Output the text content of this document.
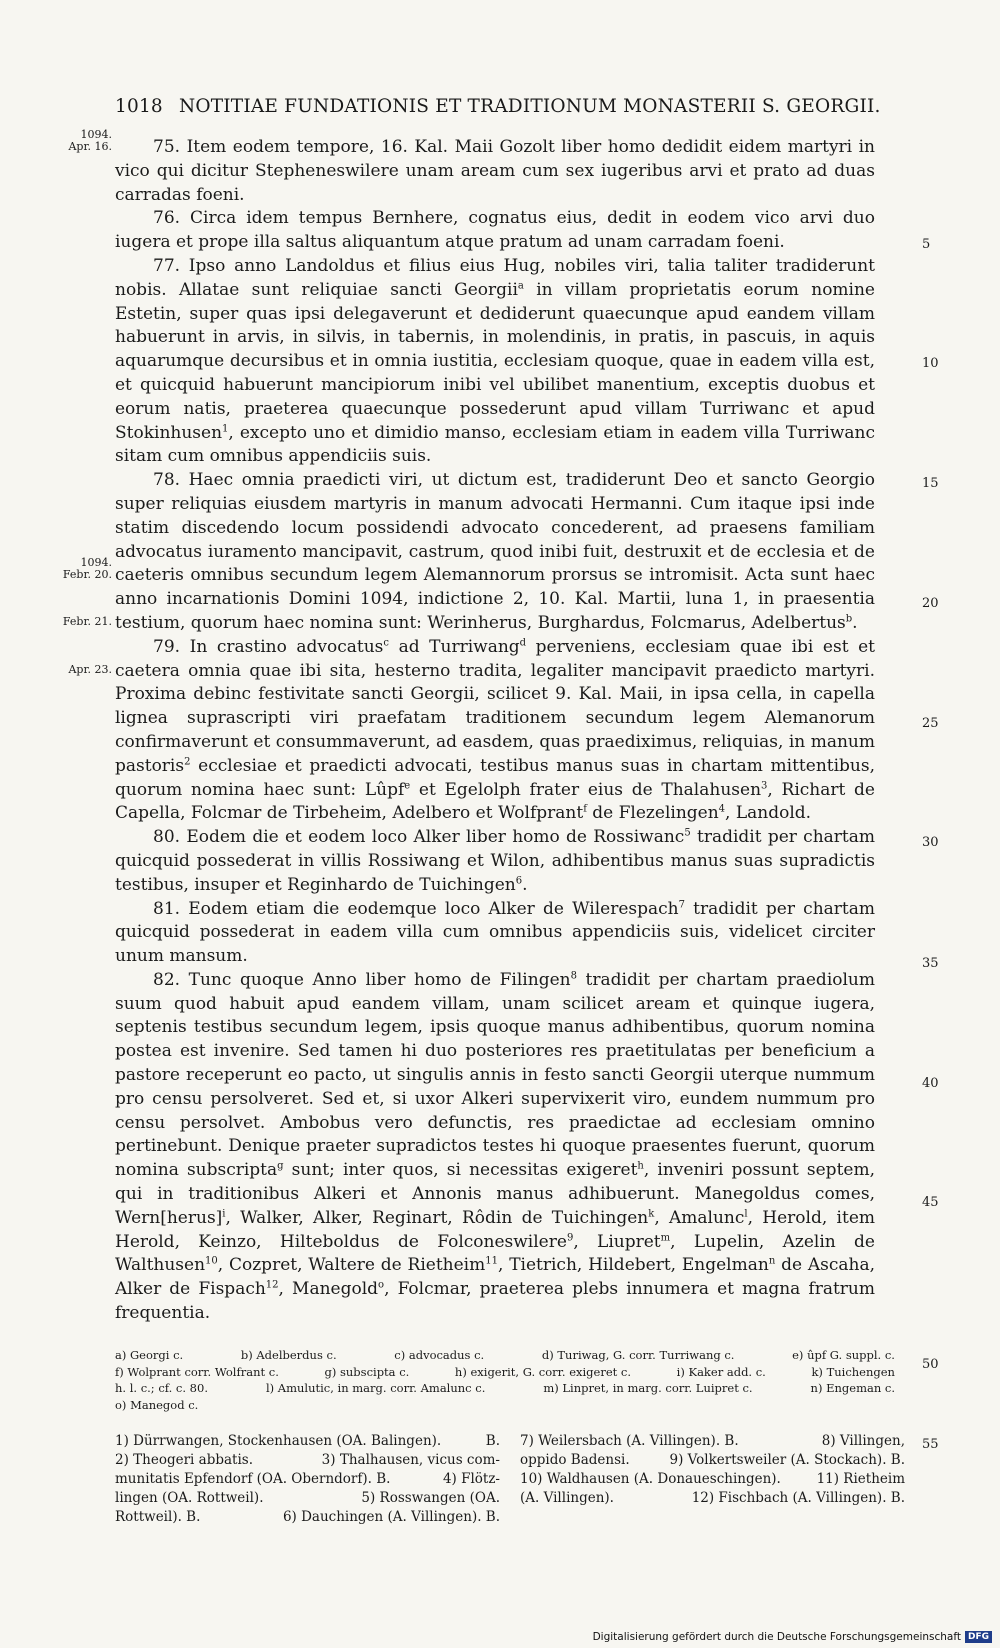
1018 NOTITIAE FUNDATIONIS ET TRADITIONUM MONASTERII S. GEORGII.
1094.
Apr. 16.
1094.
Febr. 20.
Febr. 21.
Apr. 23.
5
10
15
20
25
30
35
40
45
50
55

75. Item eodem tempore, 16. Kal. Maii Gozolt liber homo dedidit eidem martyri in vico qui dicitur Stepheneswilere unam aream cum sex iugeribus arvi et prato ad duas carradas foeni.

76. Circa idem tempus Bernhere, cognatus eius, dedit in eodem vico arvi duo iugera et prope illa saltus aliquantum atque pratum ad unam carradam foeni.

77. Ipso anno Landoldus et filius eius Hug, nobiles viri, talia taliter tradiderunt nobis. Allatae sunt reliquiae sancti Georgii$^a$ in villam proprietatis eorum nomine Estetin, super quas ipsi delegaverunt et dediderunt quaecunque apud eandem villam habuerunt in arvis, in silvis, in tabernis, in molendinis, in pratis, in pascuis, in aquis aquarumque decursibus et in omnia iustitia, ecclesiam quoque, quae in eadem villa est, et quicquid habuerunt mancipiorum inibi vel ubilibet manentium, exceptis duobus et eorum natis, praeterea quaecunque possederunt apud villam Turriwanc et apud Stokinhusen$^1$, excepto uno et dimidio manso, ecclesiam etiam in eadem villa Turriwanc sitam cum omnibus appendiciis suis.

78. Haec omnia praedicti viri, ut dictum est, tradiderunt Deo et sancto Georgio super reliquias eiusdem martyris in manum advocati Hermanni. Cum itaque ipsi inde statim discedendo locum possidendi advocato concederent, ad praesens familiam advocatus iuramento mancipavit, castrum, quod inibi fuit, destruxit et de ecclesia et de caeteris omnibus secundum legem Alemannorum prorsus se intromisit. Acta sunt haec anno incarnationis Domini 1094, indictione 2, 10. Kal. Martii, luna 1, in praesentia testium, quorum haec nomina sunt: Werinherus, Burghardus, Folcmarus, Adelbertus$^b$.

79. In crastino advocatus$^c$ ad Turriwang$^d$ perveniens, ecclesiam quae ibi est et caetera omnia quae ibi sita, hesterno tradita, legaliter mancipavit praedicto martyri. Proxima debinc festivitate sancti Georgii, scilicet 9. Kal. Maii, in ipsa cella, in capella lignea suprascripti viri praefatam traditionem secundum legem Alemanorum confirmaverunt et consummaverunt, ad easdem, quas praediximus, reliquias, in manum pastoris$^2$ ecclesiae et praedicti advocati, testibus manus suas in chartam mittentibus, quorum nomina haec sunt: Lûpf$^e$ et Egelolph frater eius de Thalahusen$^3$, Richart de Capella, Folcmar de Tirbeheim, Adelbero et Wolfprant$^f$ de Flezelingen$^4$, Landold.

80. Eodem die et eodem loco Alker liber homo de Rossiwanc$^5$ tradidit per chartam quicquid possederat in villis Rossiwang et Wilon, adhibentibus manus suas supradictis testibus, insuper et Reginhardo de Tuichingen$^6$.

81. Eodem etiam die eodemque loco Alker de Wilerespach$^7$ tradidit per chartam quicquid possederat in eadem villa cum omnibus appendiciis suis, videlicet circiter unum mansum.

82. Tunc quoque Anno liber homo de Filingen$^8$ tradidit per chartam praediolum suum quod habuit apud eandem villam, unam scilicet aream et quinque iugera, septenis testibus secundum legem, ipsis quoque manus adhibentibus, quorum nomina postea est invenire. Sed tamen hi duo posteriores res praetitulatas per beneficium a pastore receperunt eo pacto, ut singulis annis in festo sancti Georgii uterque nummum pro censu persolveret. Sed et, si uxor Alkeri supervixerit viro, eundem nummum pro censu persolvet. Ambobus vero defunctis, res praedictae ad ecclesiam omnino pertinebunt. Denique praeter supradictos testes hi quoque praesentes fuerunt, quorum nomina subscripta$^g$ sunt; inter quos, si necessitas exigeret$^h$, inveniri possunt septem, qui in traditionibus Alkeri et Annonis manus adhibuerunt. Manegoldus comes, Wern[herus]$^i$, Walker, Alker, Reginart, Rôdin de Tuichingen$^k$, Amalunc$^l$, Herold, item Herold, Keinzo, Hilteboldus de Folconeswilere$^9$, Liupret$^m$, Lupelin, Azelin de Walthusen$^{10}$, Cozpret, Waltere de Rietheim$^{11}$, Tietrich, Hildebert, Engelman$^n$ de Ascaha, Alker de Fispach$^{12}$, Manegold$^o$, Folcmar, praeterea plebs innumera et magna fratrum frequentia.

a) Georgi c.	b) Adelberdus c.	c) advocadus c.	d) Turiwag, G. corr. Turriwang c.	e) ûpf G. suppl. c.
f) Wolprant corr. Wolfrant c.	g) subscipta c.	h) exigerit, G. corr. exigeret c.	i) Kaker add. c.	k) Tuichengen
h. l. c.; cf. c. 80.	l) Amulutic, in marg. corr. Amalunc c.	m) Linpret, in marg. corr. Luipret c.	n) Engeman c.
o) Manegod c.
1) Dürrwangen, Stockenhausen (OA. Balingen).	B.
2) Theogeri abbatis.	3) Thalhausen, vicus com-
munitatis Epfendorf (OA. Oberndorf). B.	4) Flötz-
lingen (OA. Rottweil).	5) Rosswangen (OA.
Rottweil). B.	6) Dauchingen (A. Villingen). B.
7) Weilersbach (A. Villingen). B.	8) Villingen,
oppido Badensi.	9) Volkertsweiler (A. Stockach). B.
10) Waldhausen (A. Donaueschingen).	11) Rietheim
(A. Villingen).	12) Fischbach (A. Villingen). B.
Digitalisierung gefördert durch die Deutsche Forschungsgemeinschaft DFG
